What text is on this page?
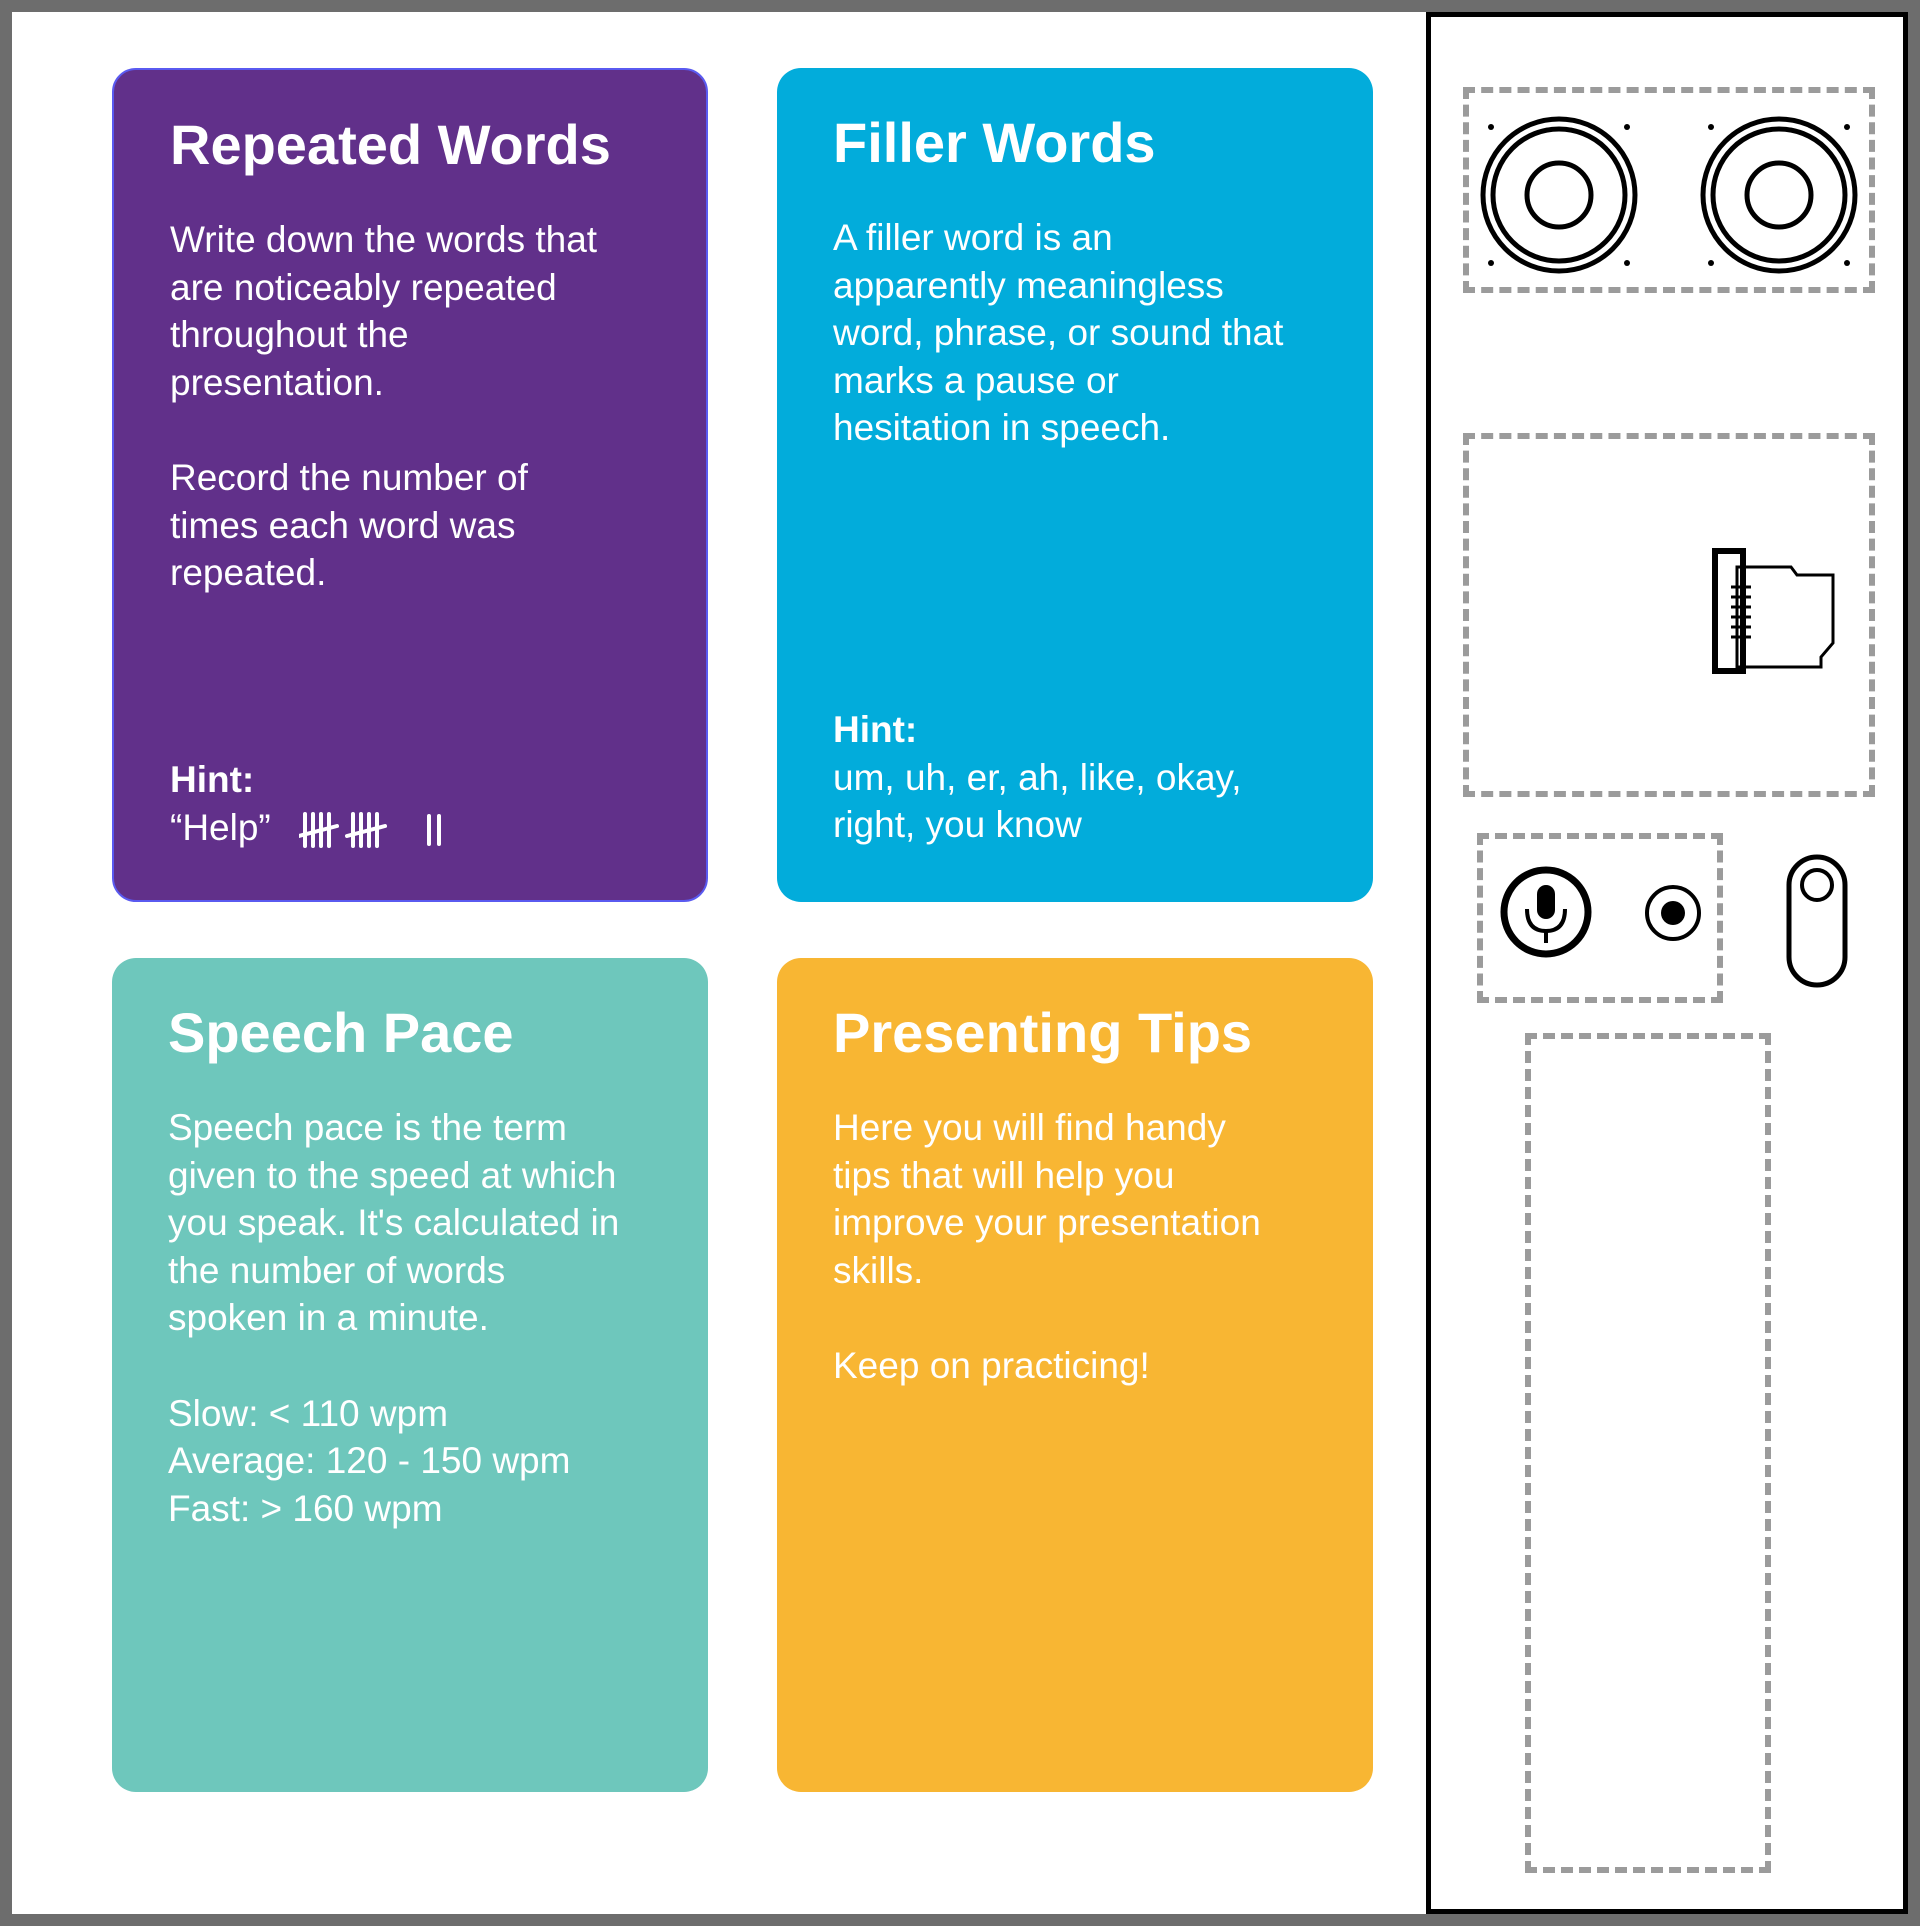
Repeated Words

Write down the words that
are noticeably repeated
throughout the
presentation.

Record the number of
times each word was
repeated.

Hint:
“Help”
Filler Words

A filler word is an
apparently meaningless
word, phrase, or sound that
marks a pause or
hesitation in speech.

Hint:
um, uh, er, ah, like, okay,
right, you know
Speech Pace

Speech pace is the term
given to the speed at which
you speak. It's calculated in
the number of words
spoken in a minute.

Slow: < 110 wpm
Average: 120 - 150 wpm
Fast: > 160 wpm

Presenting Tips

Here you will find handy
tips that will help you
improve your presentation
skills.

Keep on practicing!
